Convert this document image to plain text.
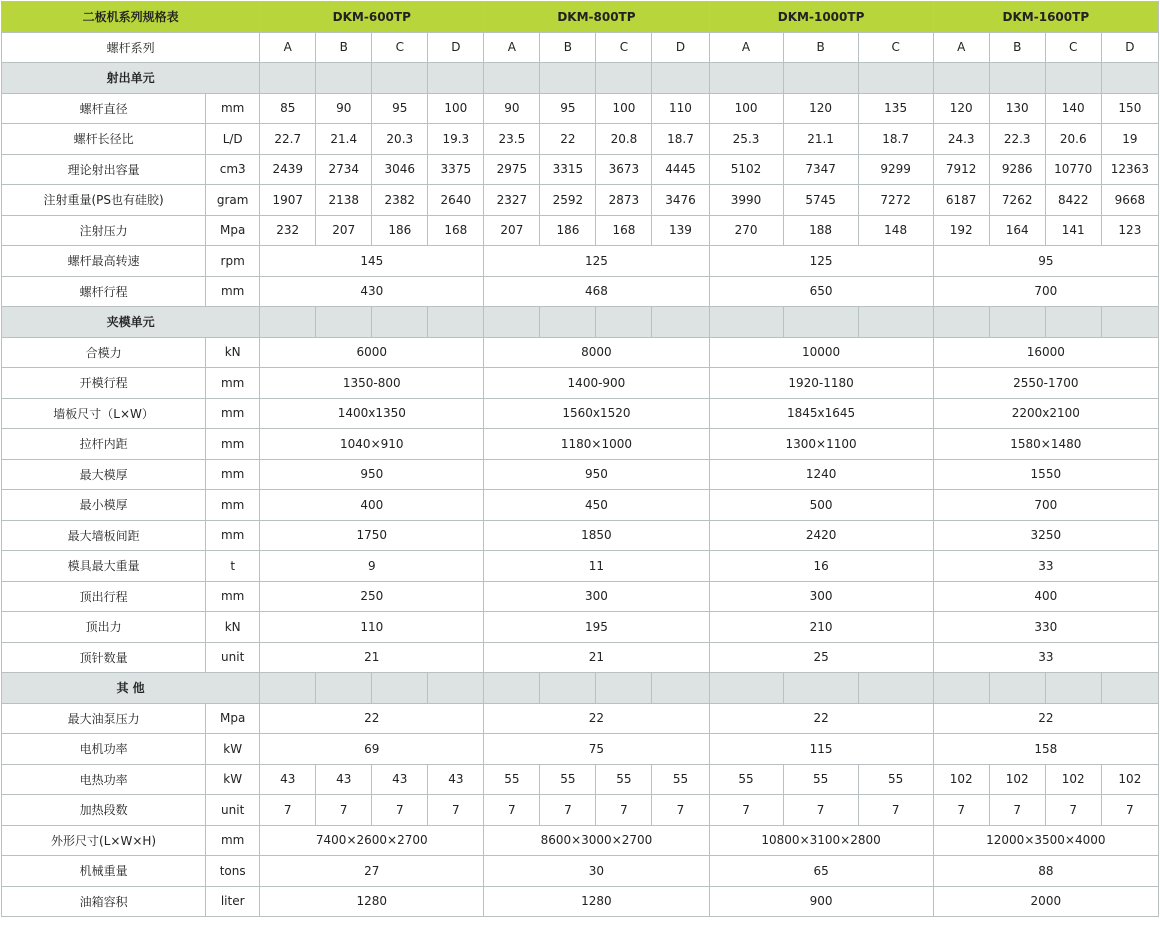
二板机系列规格表		DKM-600TP				DKM-800TP				DKM-1000TP			DKM-1600TP			
螺杆系列		A	B	C	D	A	B	C	D	A	B	C	A	B	C	D
射出单元																
螺杆直径	mm	85	90	95	100	90	95	100	110	100	120	135	120	130	140	150
螺杆长径比	L/D	22.7	21.4	20.3	19.3	23.5	22	20.8	18.7	25.3	21.1	18.7	24.3	22.3	20.6	19
理论射出容量	cm3	2439	2734	3046	3375	2975	3315	3673	4445	5102	7347	9299	7912	9286	10770	12363
注射重量(PS也有硅胶)	gram	1907	2138	2382	2640	2327	2592	2873	3476	3990	5745	7272	6187	7262	8422	9668
注射压力	Mpa	232	207	186	168	207	186	168	139	270	188	148	192	164	141	123
螺杆最高转速	rpm	145				125				125			95			
螺杆行程	mm	430				468				650			700			
夹模单元																
合模力	kN	6000				8000				10000			16000			
开模行程	mm	1350-800				1400-900				1920-1180			2550-1700			
墙板尺寸（L×W）	mm	1400x1350				1560x1520				1845x1645			2200x2100			
拉杆内距	mm	1040×910				1180×1000				1300×1100			1580×1480			
最大模厚	mm	950				950				1240			1550			
最小模厚	mm	400				450				500			700			
最大墙板间距	mm	1750				1850				2420			3250			
模具最大重量	t	9				11				16			33			
顶出行程	mm	250				300				300			400			
顶出力	kN	110				195				210			330			
顶针数量	unit	21				21				25			33			
其 他																
最大油泵压力	Mpa	22				22				22			22			
电机功率	kW	69				75				115			158			
电热功率	kW	43	43	43	43	55	55	55	55	55	55	55	102	102	102	102
加热段数	unit	7	7	7	7	7	7	7	7	7	7	7	7	7	7	7
外形尺寸(L×W×H)	mm	7400×2600×2700				8600×3000×2700				10800×3100×2800			12000×3500×4000			
机械重量	tons	27				30				65			88			
油箱容积	liter	1280				1280				900			2000			
